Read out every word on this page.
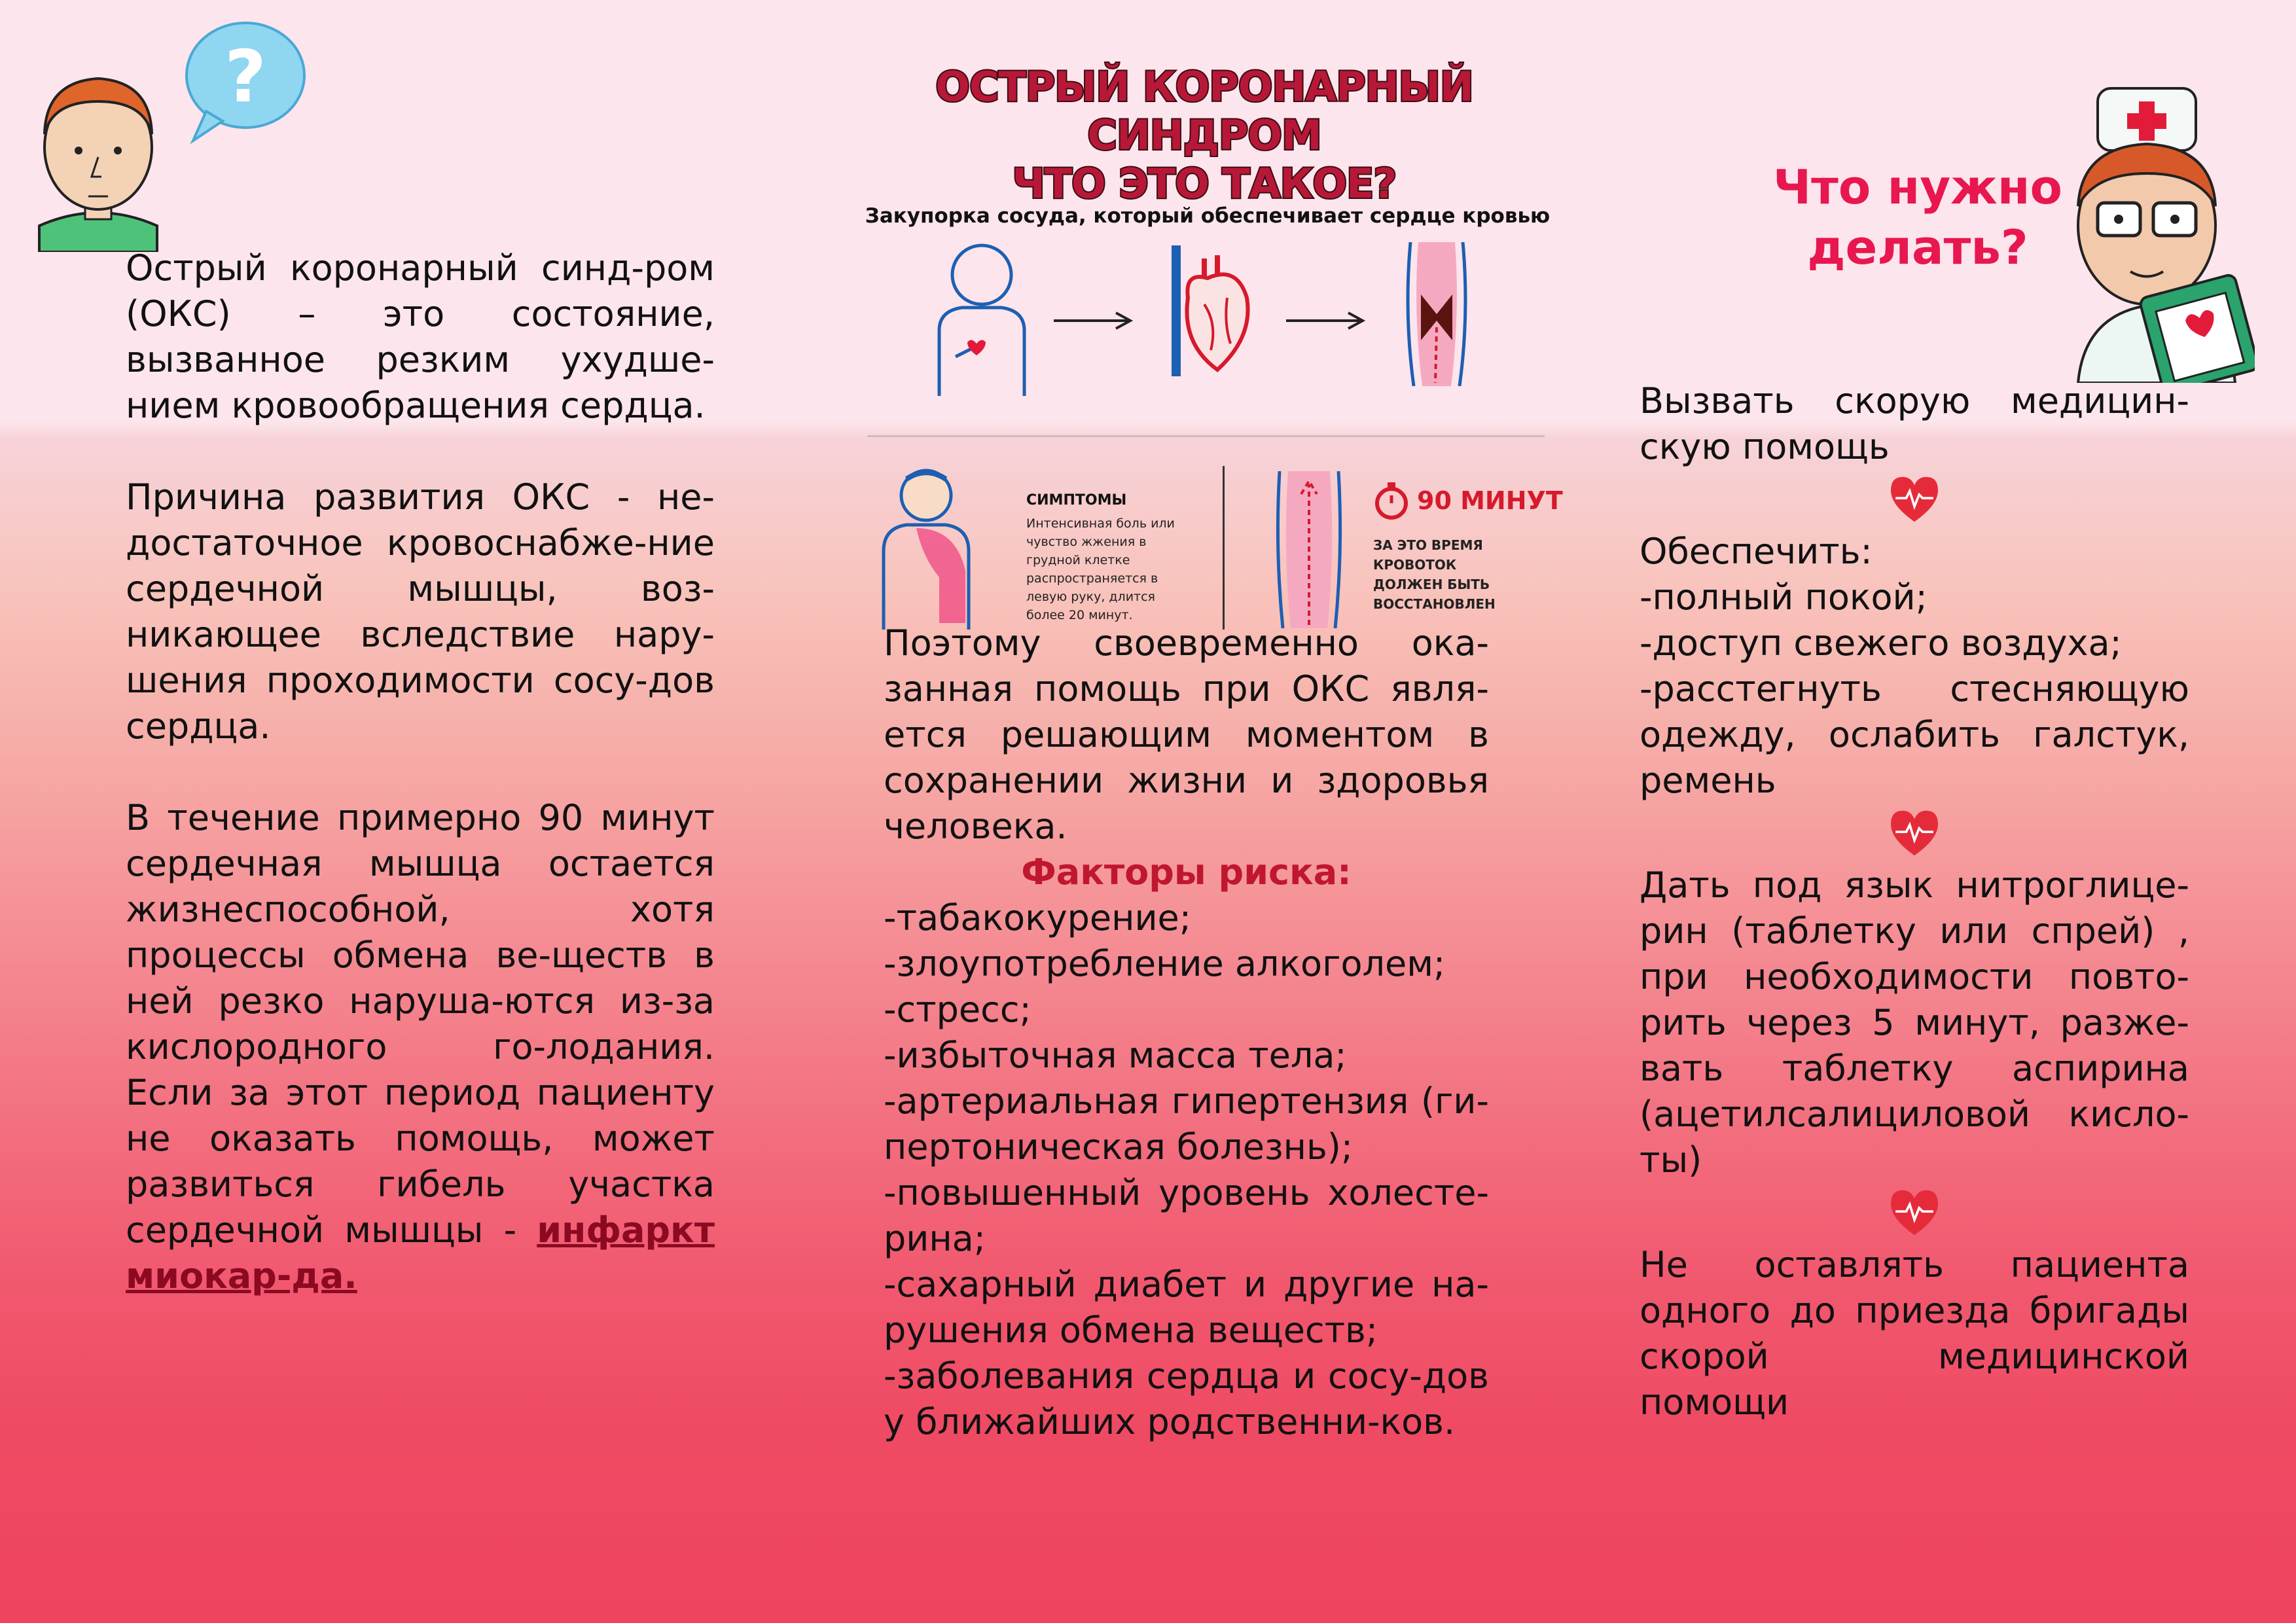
?	ОСТРЫЙ КОРОНАРНЫЙ СИНДРОМ
ЧТО ЭТО ТАКОЕ?
Закупорка сосуда, который обеспечивает сердце кровью
СИМПТОМЫ
Интенсивная боль или чувство жжения в грудной клетке распространяется в левую руку, длится более 20 минут.
90 МИНУТ
ЗА ЭТО ВРЕМЯ КРОВОТОК ДОЛЖЕН БЫТЬ ВОССТАНОВЛЕН

Острый коронарный синд-ром (ОКС) – это состояние, вызванное резким ухудше-нием кровообращения сердца.

Причина развития ОКС - не-достаточное кровоснабже-ние сердечной мышцы, воз-никающее вследствие нару-шения проходимости сосу-дов сердца.

В течение примерно 90 минут сердечная мышца остается жизнеспособной, хотя процессы обмена ве-ществ в ней резко наруша-ются из-за кислородного го-лодания. Если за этот период пациенту не оказать помощь, может развиться гибель участка сердечной мышцы - инфаркт миокар-да.

Поэтому своевременно ока-занная помощь при ОКС явля-ется решающим моментом в сохранении жизни и здоровья человека.

Факторы риска:
-табакокурение;
-злоупотребление алкоголем;
-стресс;
-избыточная масса тела;
-артериальная гипертензия (ги-пертоническая болезнь);
-повышенный уровень холесте-рина;
-сахарный диабет и другие на-рушения обмена веществ;
-заболевания сердца и сосу-дов у ближайших родственни-ков.
Что нужно делать?

Вызвать скорую медицин-скую помощь

Обеспечить:

-полный покой;

-доступ свежего воздуха;

-расстегнуть стесняющую одежду, ослабить галстук, ремень

Дать под язык нитроглице-рин (таблетку или спрей) , при необходимости повто-рить через 5 минут, разже-вать таблетку аспирина (ацетилсалициловой кисло-ты)

Не оставлять пациента одного до приезда бригады скорой медицинской помощи
